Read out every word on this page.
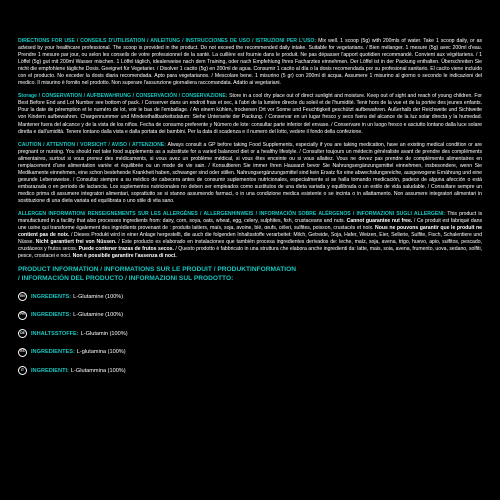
DIRECTIONS FOR USE / CONSEILS D'UTILISATION / ANLEITUNG / INSTRUCCIONES DE USO / ISTRUZIONI PER L'USO: Mix well. 1 scoop (5g) with 200mls of water. Take 1 scoop daily, or as advised by your healthcare professional. The scoop is provided in the product. Do not exceed the recommended daily intake. Suitable for vegetarians. / Bien mélanger. 1 mesure (5g) avec 200ml d'eau. Prendre 1 mesure par jour, ou selon les conseils de votre professionnel de la santé. La cuillère est fournie dans le produit. Ne pas dépasser l'apport quotidien recommandé. Convient aux végétariens. / 1 Löffel (5g) gut mit 200ml Wasser mischen. 1 Löffel täglich, idealerweise nach dem Training, oder nach Empfehlung Ihres Facharztes einnehmen. Der Löffel ist in der Packung enthalten. Überschreiten Sie nicht die empfohlene tägliche Dosis. Geeignet für Vegetarier. / Disolver 1 cacito (5g) en 200ml de agua. Consumir 1 cacito al día o la dosis recomendada por su profesional sanitario. El cacito viene incluido con el producto. No exceder la dosis diaria recomendada. Apto para vegetarianos. / Mescolare bene. 1 misurino (5 gr) con 200ml di acqua. Assumere 1 misurino al giorno o secondo le indicazioni del medico. Il misurino è fornito nel prodotto. Non superare l'assunzione giornaliera raccomandata. Adatto ai vegetariani.

Storage / CONSERVATION / AUFBEWAHRUNG / CONSERVACIÓN / CONSERVAZIONE: Store in a cool dry place out of direct sunlight and moisture. Keep out of sight and reach of young children. For Best Before End and Lot Number see bottom of pack. / Conserver dans un endroit frais et sec, à l'abri de la lumière directe du soleil et de l'humidité. Tenir hors de la vue et de la portée des jeunes enfants. Pour la date de péremption et le numéro de lot, voir le bas de l'emballage. / An einem kühlen, trockenen Ort vor Sonne und Feuchtigkeit geschützt aufbewahren. Außerhalb der Reichweite und Sichtweite von Kindern aufbewahren. Chargennummer und Mindesthaltbarkeitsdatum: Siehe Unterseite der Packung. / Conservar en un lugar fresco y seco fuera del alcance de la luz solar directa y la humedad. Mantener fuera del alcance y de la vista de los niños. Fecha de consumo preferente y Número de lote: consultar parte inferior del envase. / Conservare in un luogo fresco e asciutto lontano dalla luce solare diretta e dall'umidità. Tenere lontano dalla vista e dalla portata dei bambini. Per la data di scadenza e il numero del lotto, vedere il fondo della confezione.

CAUTION / ATTENTION / VORSICHT / AVISO / ATTENZIONE: Always consult a GP before taking Food Supplements, especially if you are taking medication, have an existing medical condition or are pregnant or nursing. You should not take food supplements as a substitute for a varied balanced diet or a healthy lifestyle. / Consulter toujours un médecin généraliste avant de prendre des compléments alimentaires, surtout si vous prenez des médicaments, si vous avez un problème médical, si vous êtes enceinte ou si vous allaitez. Vous ne devez pas prendre de compléments alimentaires en remplacement d'une alimentation variée et équilibrée ou un mode de vie sain. / Konsultieren Sie immer Ihren Hausarzt bevor Sie Nahrungsergänzungsmittel einnehmen, insbesondere, wenn Sie Medikamente einnehmen, eine schon bestehende Krankheit haben, schwanger sind oder stillen. Nahrungsergänzungsmittel sind kein Ersatz für eine abwechslungsreiche, ausgewogene Ernährung und eine gesunde Lebensweise. / Consultar siempre a su médico de cabecera antes de consumir suplementos nutricionales, especialmente si se halla tomando medicación, padece de alguna afección o está embarazada o en periodo de lactancia. Los suplementos nutricionales no deben ser empleados como sustitutos de una dieta variada y equilibrada o un estilo de vida saludable. / Consultare sempre un medico prima di assumere integratori alimentari, soprattutto se si stanno assumendo farmaci, o in una condizione medica esistente o se incinta o in allattamento. Non assumere integratori alimentari in sostituzione di una dieta variata ed equilibrata o uno stile di vita sano.

ALLERGEN INFORMATION/ RENSEIGNEMENTS SUR LES ALLERGÈNES / ALLERGENHINWEIS / INFORMACIÓN SOBRE ALÉRGENOS / INFORMAZIONI SUGLI ALLERGENI: This product is manufactured in a facility that also processes ingredients from: dairy, corn, soya, oats, wheat, egg, celery, sulphites, fish, crustaceans and nuts. Cannot guarantee nut free. / Ce produit est fabriqué dans une usine qui transforme également des ingrédients provenant de : produits laitiers, maïs, soja, avoine, blé, œufs, céleri, sulfites, poisson, crustacés et noix. Nous ne pouvons garantir que le produit ne contient pas de noix. / Dieses Produkt wird in einer Anlage hergestellt, die auch die folgenden Inhaltsstoffe verarbeitet: Milch, Getreide, Soja, Hafer, Weizen, Eier, Sellerie, Sulfite, Fisch, Schalentiere und Nüsse. Nicht garantiert frei von Nüssen. / Este producto es elaborado en instalaciones que también procesa ingredientes derivados de: leche, maíz, soja, avena, trigo, huevo, apio, sulfitos, pescado, crustáceos y frutos secos. Puede contener trazas de frutos secos. / Questo prodotto è fabbricato in una struttura che elabora anche ingredienti da: latte, mais, soia, avena, frumento, uova, sedano, solfiti, pesce, crostacei e noci. Non è possibile garantire l'assenza di noci.

PRODUCT INFORMATION / INFORMATIONS SUR LE PRODUIT / PRODUKTINFORMATION
/ INFORMACIÓN DEL PRODUCTO / INFORMAZIONI SUL PRODOTTO:
EN	INGREDIENTS: L-Glutamine (100%)
FR	INGREDIENTS: L-Glutamine (100%)
DE	INHALTSSTOFFE: L-Glutamin (100%)
ES	INGREDIENTES: L-glutamina (100%)
IT	INGREDIENTI: L-Glutammina (100%)
